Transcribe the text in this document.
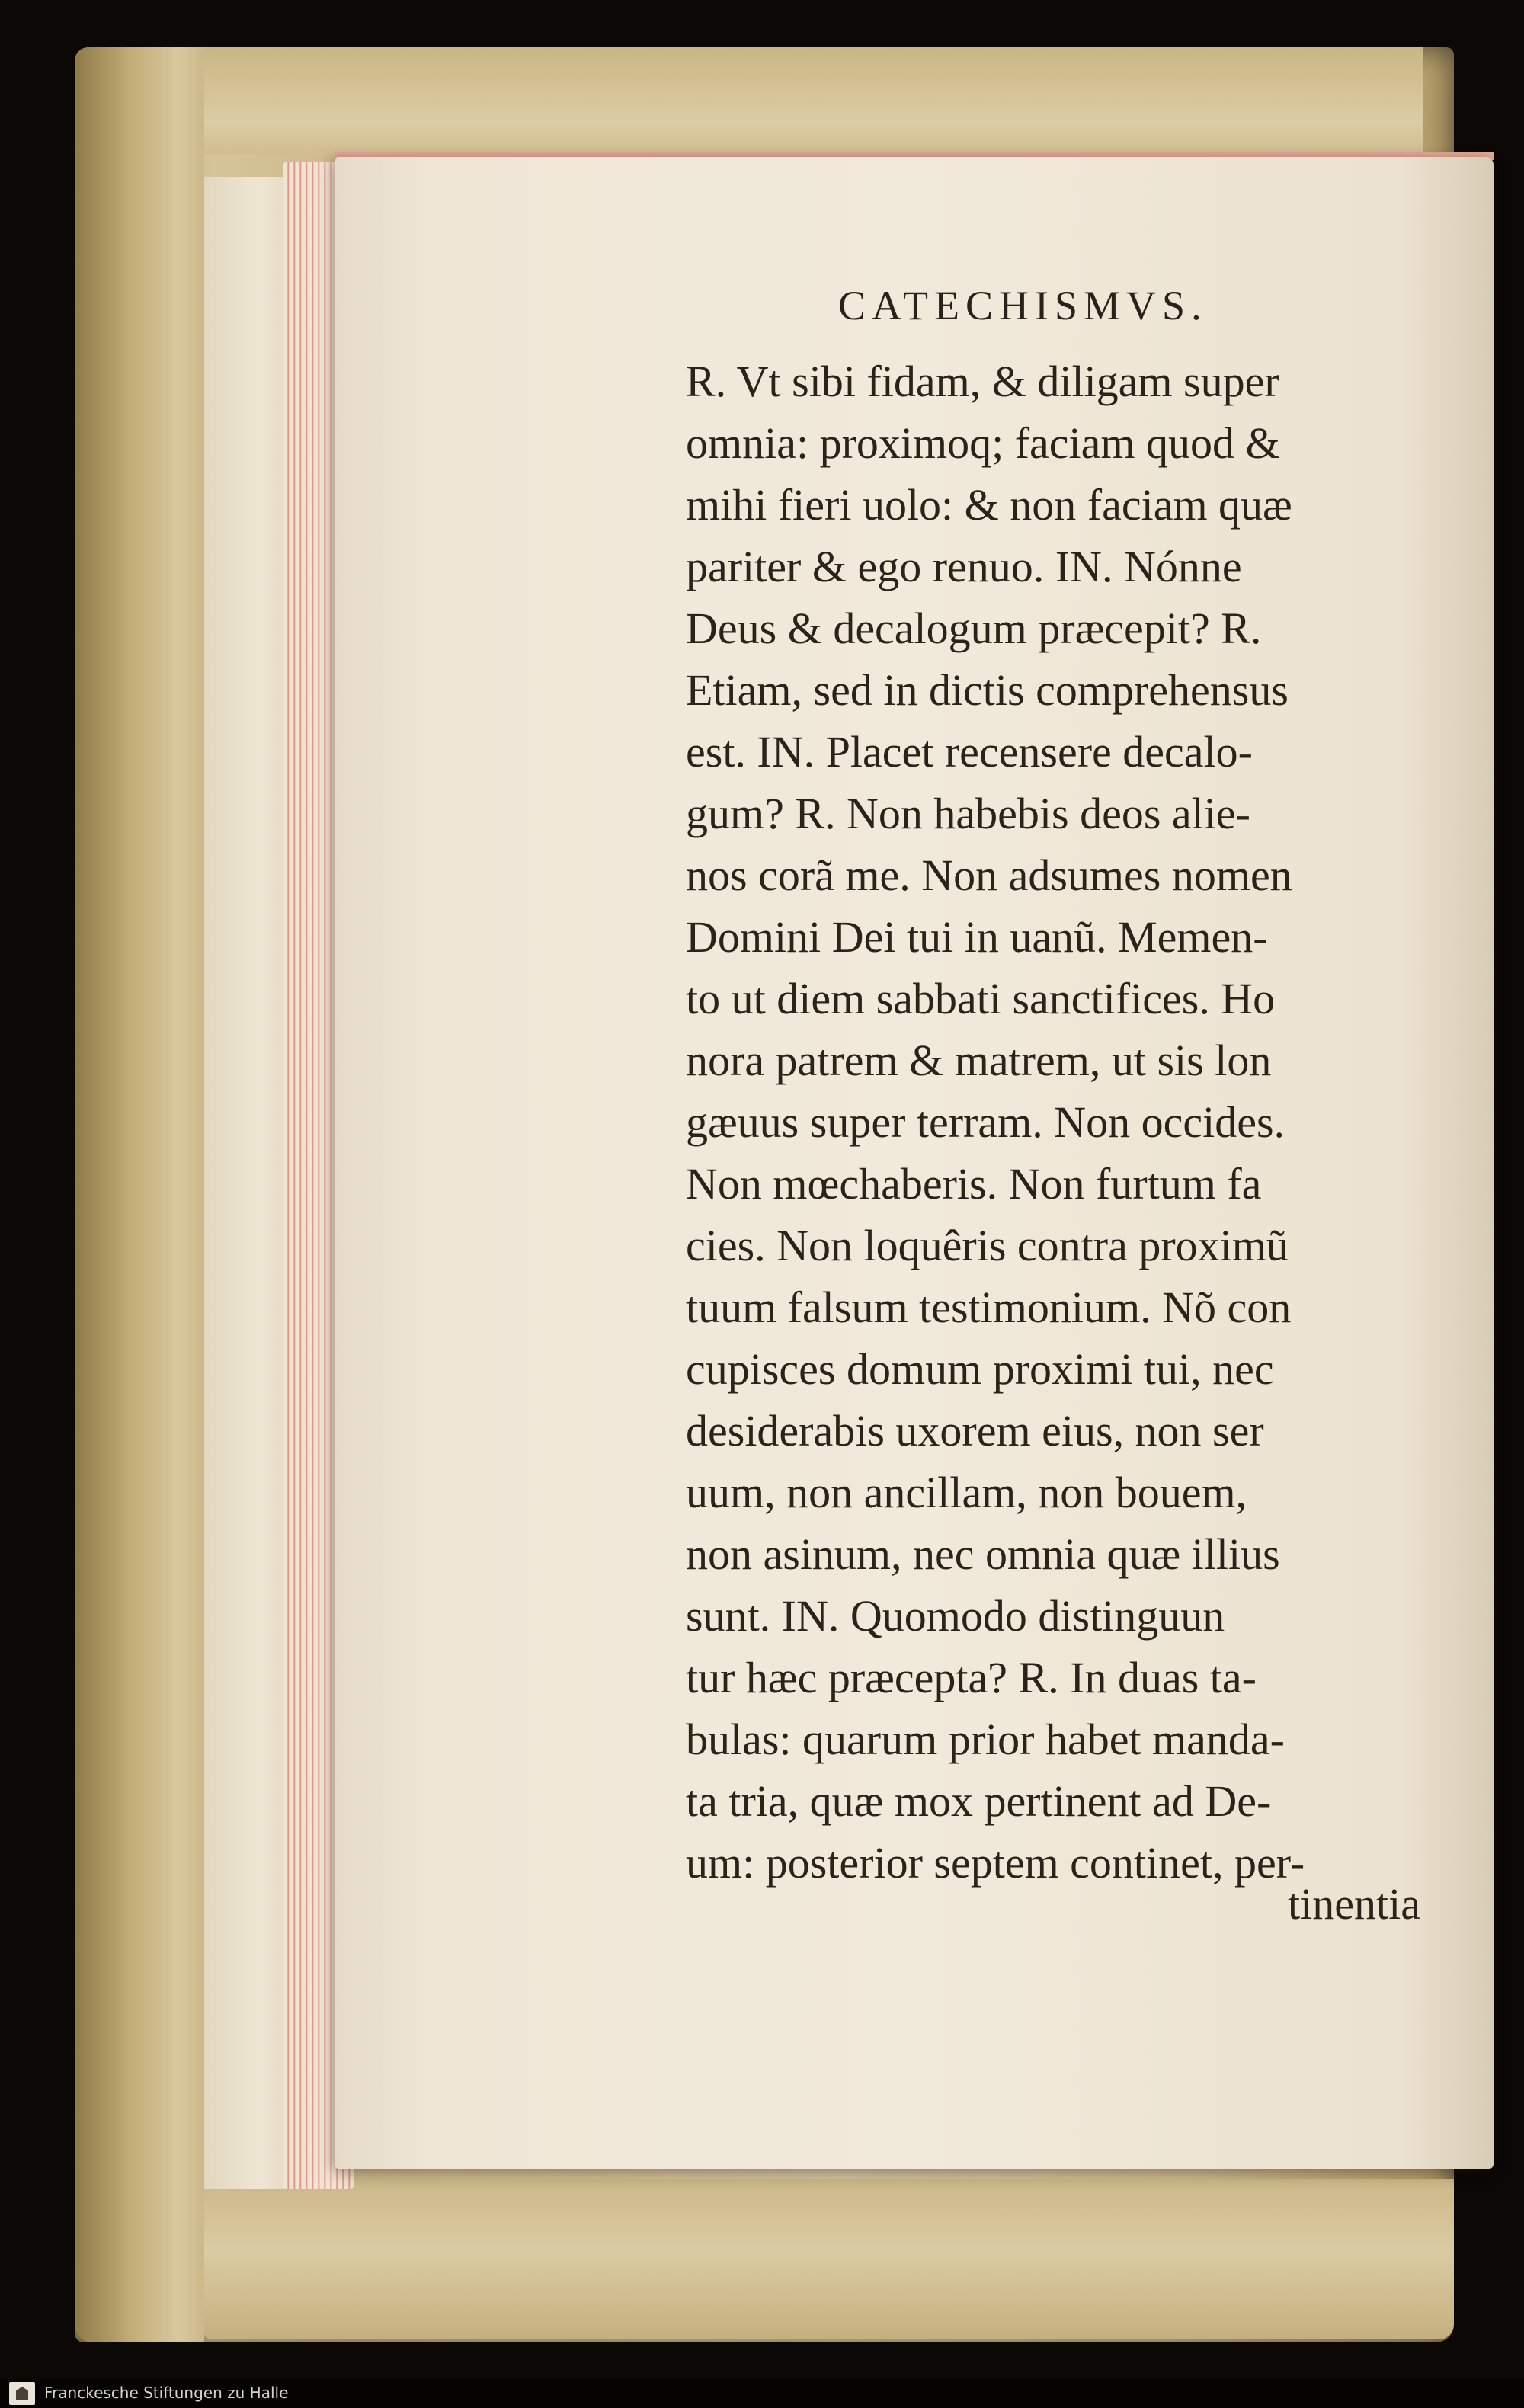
CATECHISMVS.
R. Vt sibi fidam, & diligam super
omnia: proximoq; faciam quod &
mihi fieri uolo: & non faciam quæ
pariter & ego renuo. IN. Nónne
Deus & decalogum præcepit? R.
Etiam, sed in dictis comprehensus
est. IN. Placet recensere decalo-
gum? R. Non habebis deos alie-
nos corã me. Non adsumes nomen
Domini Dei tui in uanũ. Memen-
to ut diem sabbati sanctifices. Ho
nora patrem & matrem, ut sis lon
gæuus super terram. Non occides.
Non mœchaberis. Non furtum fa
cies. Non loquêris contra proximũ
tuum falsum testimonium. Nõ con
cupisces domum proximi tui, nec
desiderabis uxorem eius, non ser
uum, non ancillam, non bouem,
non asinum, nec omnia quæ illius
sunt. IN. Quomodo distinguun
tur hæc præcepta? R. In duas ta-
bulas: quarum prior habet manda-
ta tria, quæ mox pertinent ad De-
um: posterior septem continet, per-
tinentia
Franckesche Stiftungen zu Halle
